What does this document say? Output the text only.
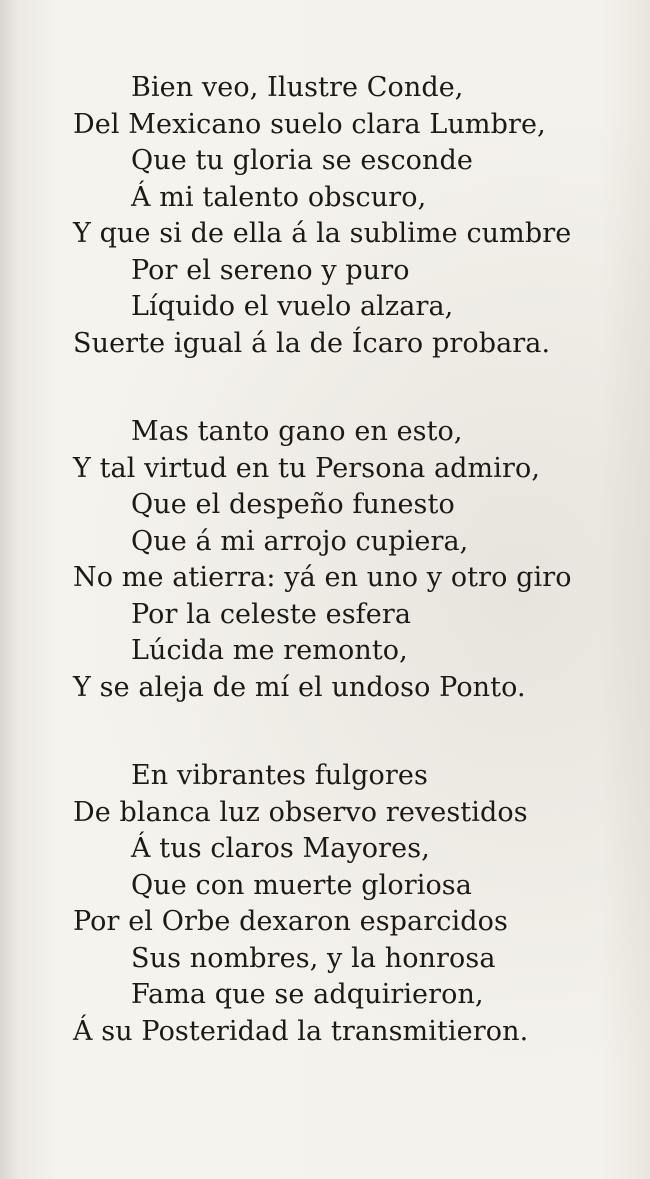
Bien veo, Ilustre Conde,
Del Mexicano suelo clara Lumbre,
Que tu gloria se esconde
Á mi talento obscuro,
Y que si de ella á la sublime cumbre
Por el sereno y puro
Líquido el vuelo alzara,
Suerte igual á la de Ícaro probara.
Mas tanto gano en esto,
Y tal virtud en tu Persona admiro,
Que el despeño funesto
Que á mi arrojo cupiera,
No me atierra: yá en uno y otro giro
Por la celeste esfera
Lúcida me remonto,
Y se aleja de mí el undoso Ponto.
En vibrantes fulgores
De blanca luz observo revestidos
Á tus claros Mayores,
Que con muerte gloriosa
Por el Orbe dexaron esparcidos
Sus nombres, y la honrosa
Fama que se adquirieron,
Á su Posteridad la transmitieron.
